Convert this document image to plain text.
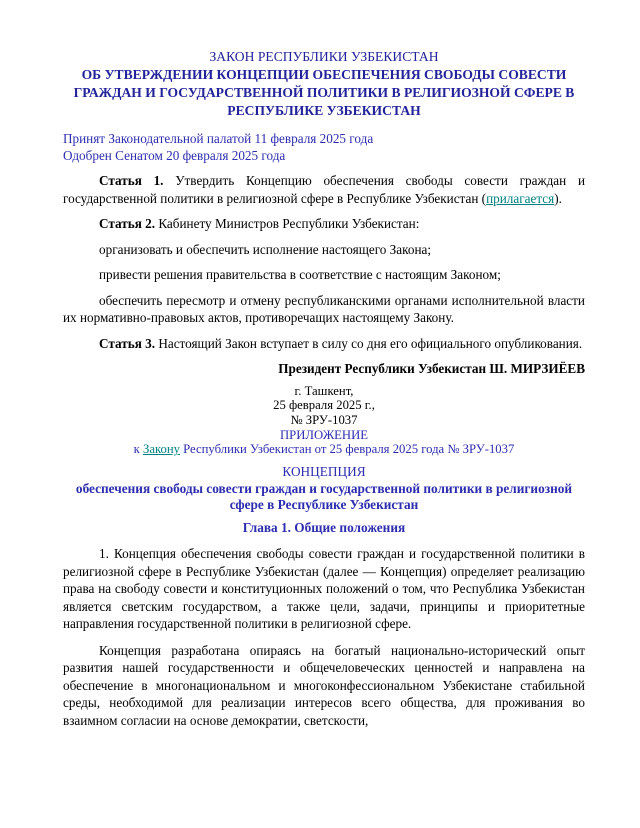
ЗАКОН РЕСПУБЛИКИ УЗБЕКИСТАН
ОБ УТВЕРЖДЕНИИ КОНЦЕПЦИИ ОБЕСПЕЧЕНИЯ СВОБОДЫ СОВЕСТИ ГРАЖДАН И ГОСУДАРСТВЕННОЙ ПОЛИТИКИ В РЕЛИГИОЗНОЙ СФЕРЕ В РЕСПУБЛИКЕ УЗБЕКИСТАН
Принят Законодательной палатой 11 февраля 2025 года
Одобрен Сенатом 20 февраля 2025 года

Статья 1. Утвердить Концепцию обеспечения свободы совести граждан и государственной политики в религиозной сфере в Республике Узбекистан (прилагается).

Статья 2. Кабинету Министров Республики Узбекистан:

организовать и обеспечить исполнение настоящего Закона;

привести решения правительства в соответствие с настоящим Законом;

обеспечить пересмотр и отмену республиканскими органами исполнительной власти их нормативно-правовых актов, противоречащих настоящему Закону.

Статья 3. Настоящий Закон вступает в силу со дня его официального опубликования.

Президент Республики Узбекистан Ш. МИРЗИЁЕВ
г. Ташкент,
25 февраля 2025 г.,
№ ЗРУ-1037
ПРИЛОЖЕНИЕ
к Закону Республики Узбекистан от 25 февраля 2025 года № ЗРУ-1037
КОНЦЕПЦИЯ
обеспечения свободы совести граждан и государственной политики в религиозной сфере в Республике Узбекистан
Глава 1. Общие положения

1. Концепция обеспечения свободы совести граждан и государственной политики в религиозной сфере в Республике Узбекистан (далее — Концепция) определяет реализацию права на свободу совести и конституционных положений о том, что Республика Узбекистан является светским государством, а также цели, задачи, принципы и приоритетные направления государственной политики в религиозной сфере.

Концепция разработана опираясь на богатый национально-исторический опыт развития нашей государственности и общечеловеческих ценностей и направлена на обеспечение в многонациональном и многоконфессиональном Узбекистане стабильной среды, необходимой для реализации интересов всего общества, для проживания во взаимном согласии на основе демократии, светскости,
